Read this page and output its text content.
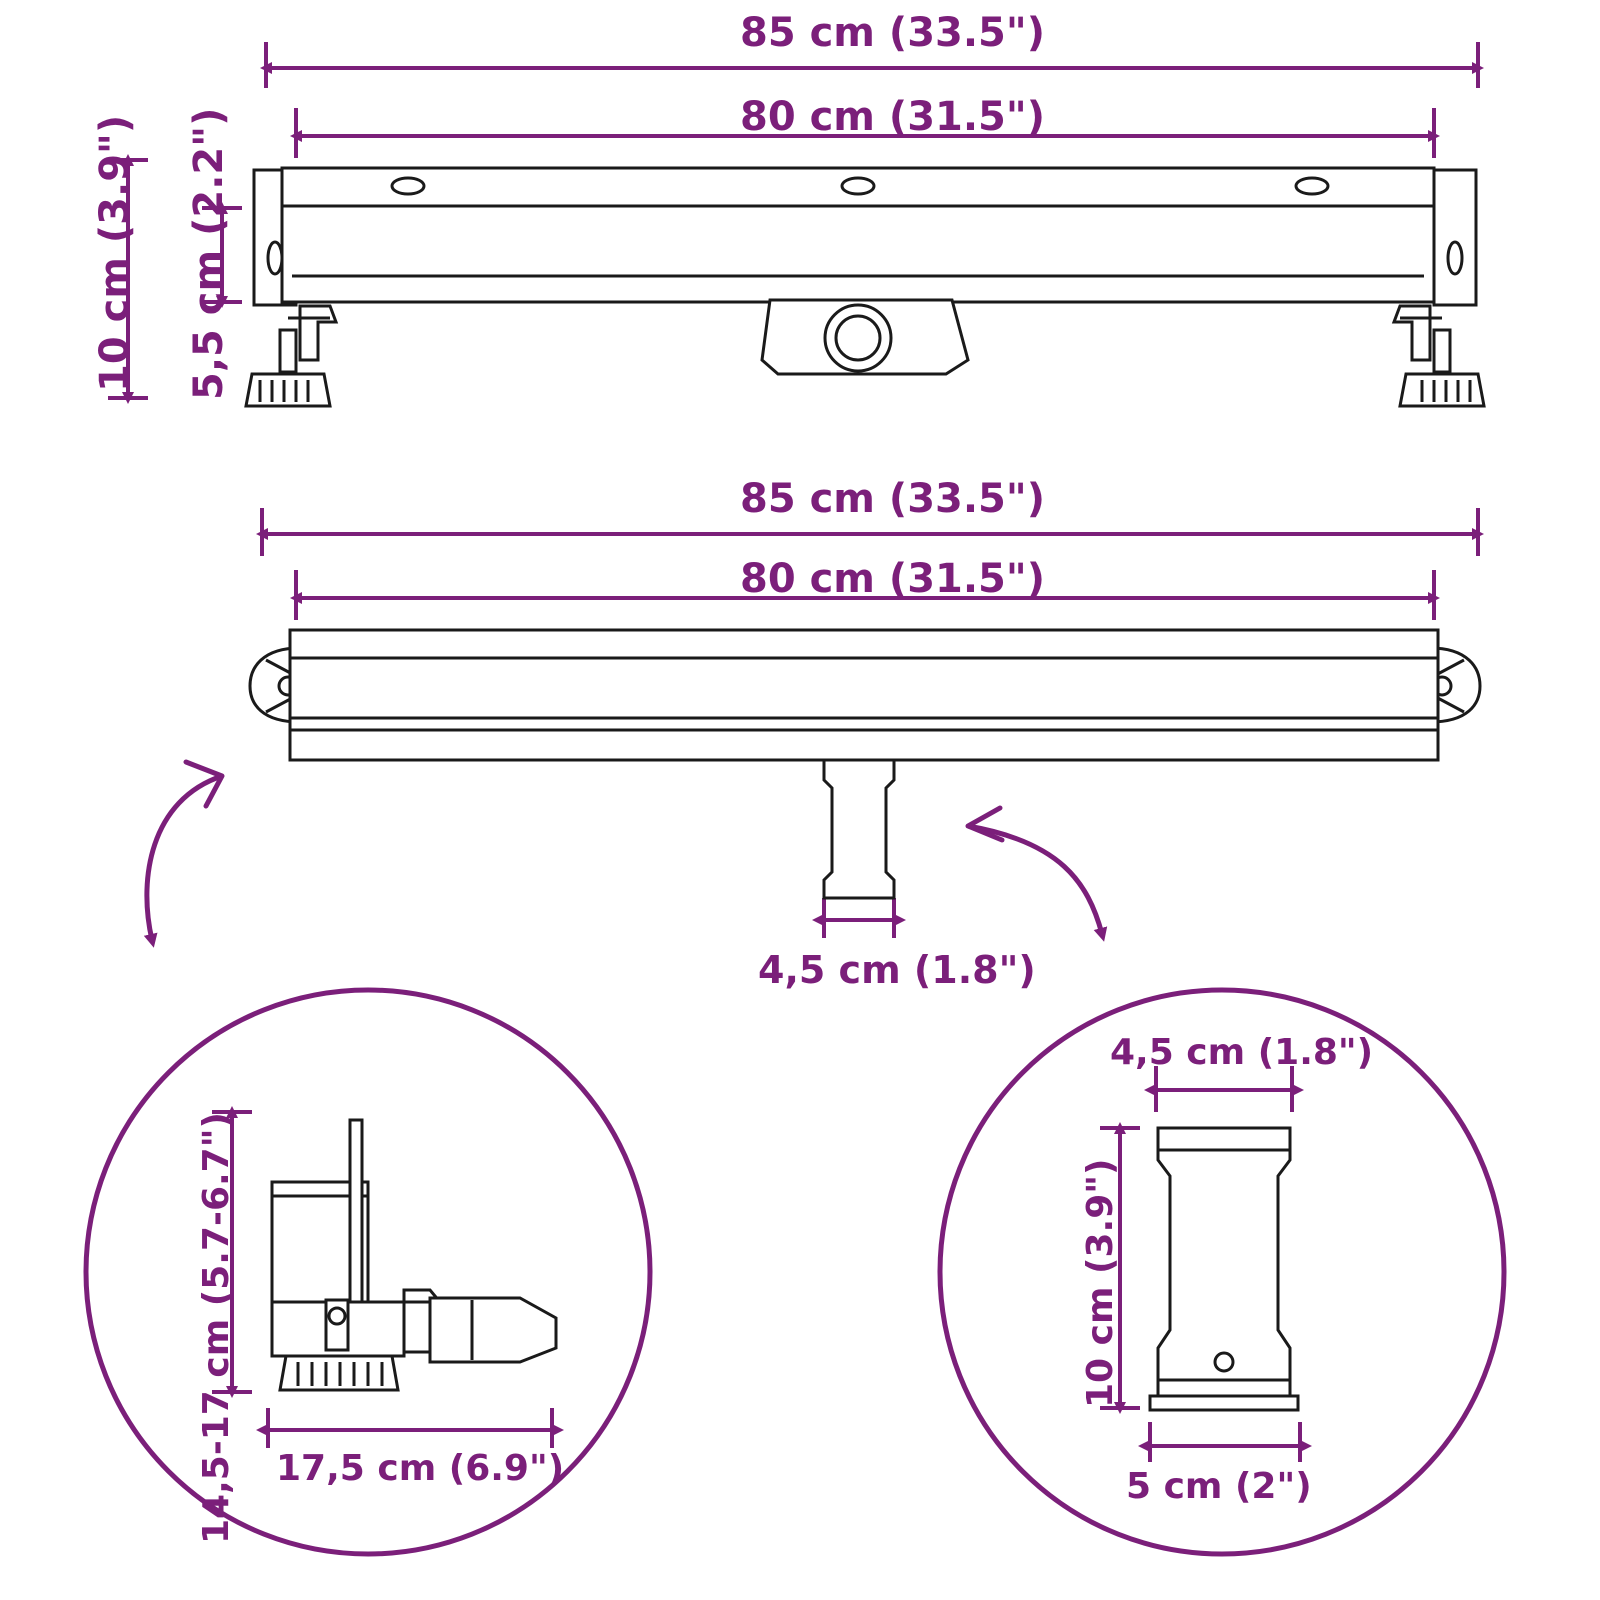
85 cm (33.5")
80 cm (31.5")
10 cm (3.9") 5,5 cm (2.2")
85 cm (33.5")
80 cm (31.5")
4,5 cm (1.8")
14,5-17 cm (5.7-6.7") 17,5 cm (6.9")
4,5 cm (1.8")
10 cm (3.9")
5 cm (2")
